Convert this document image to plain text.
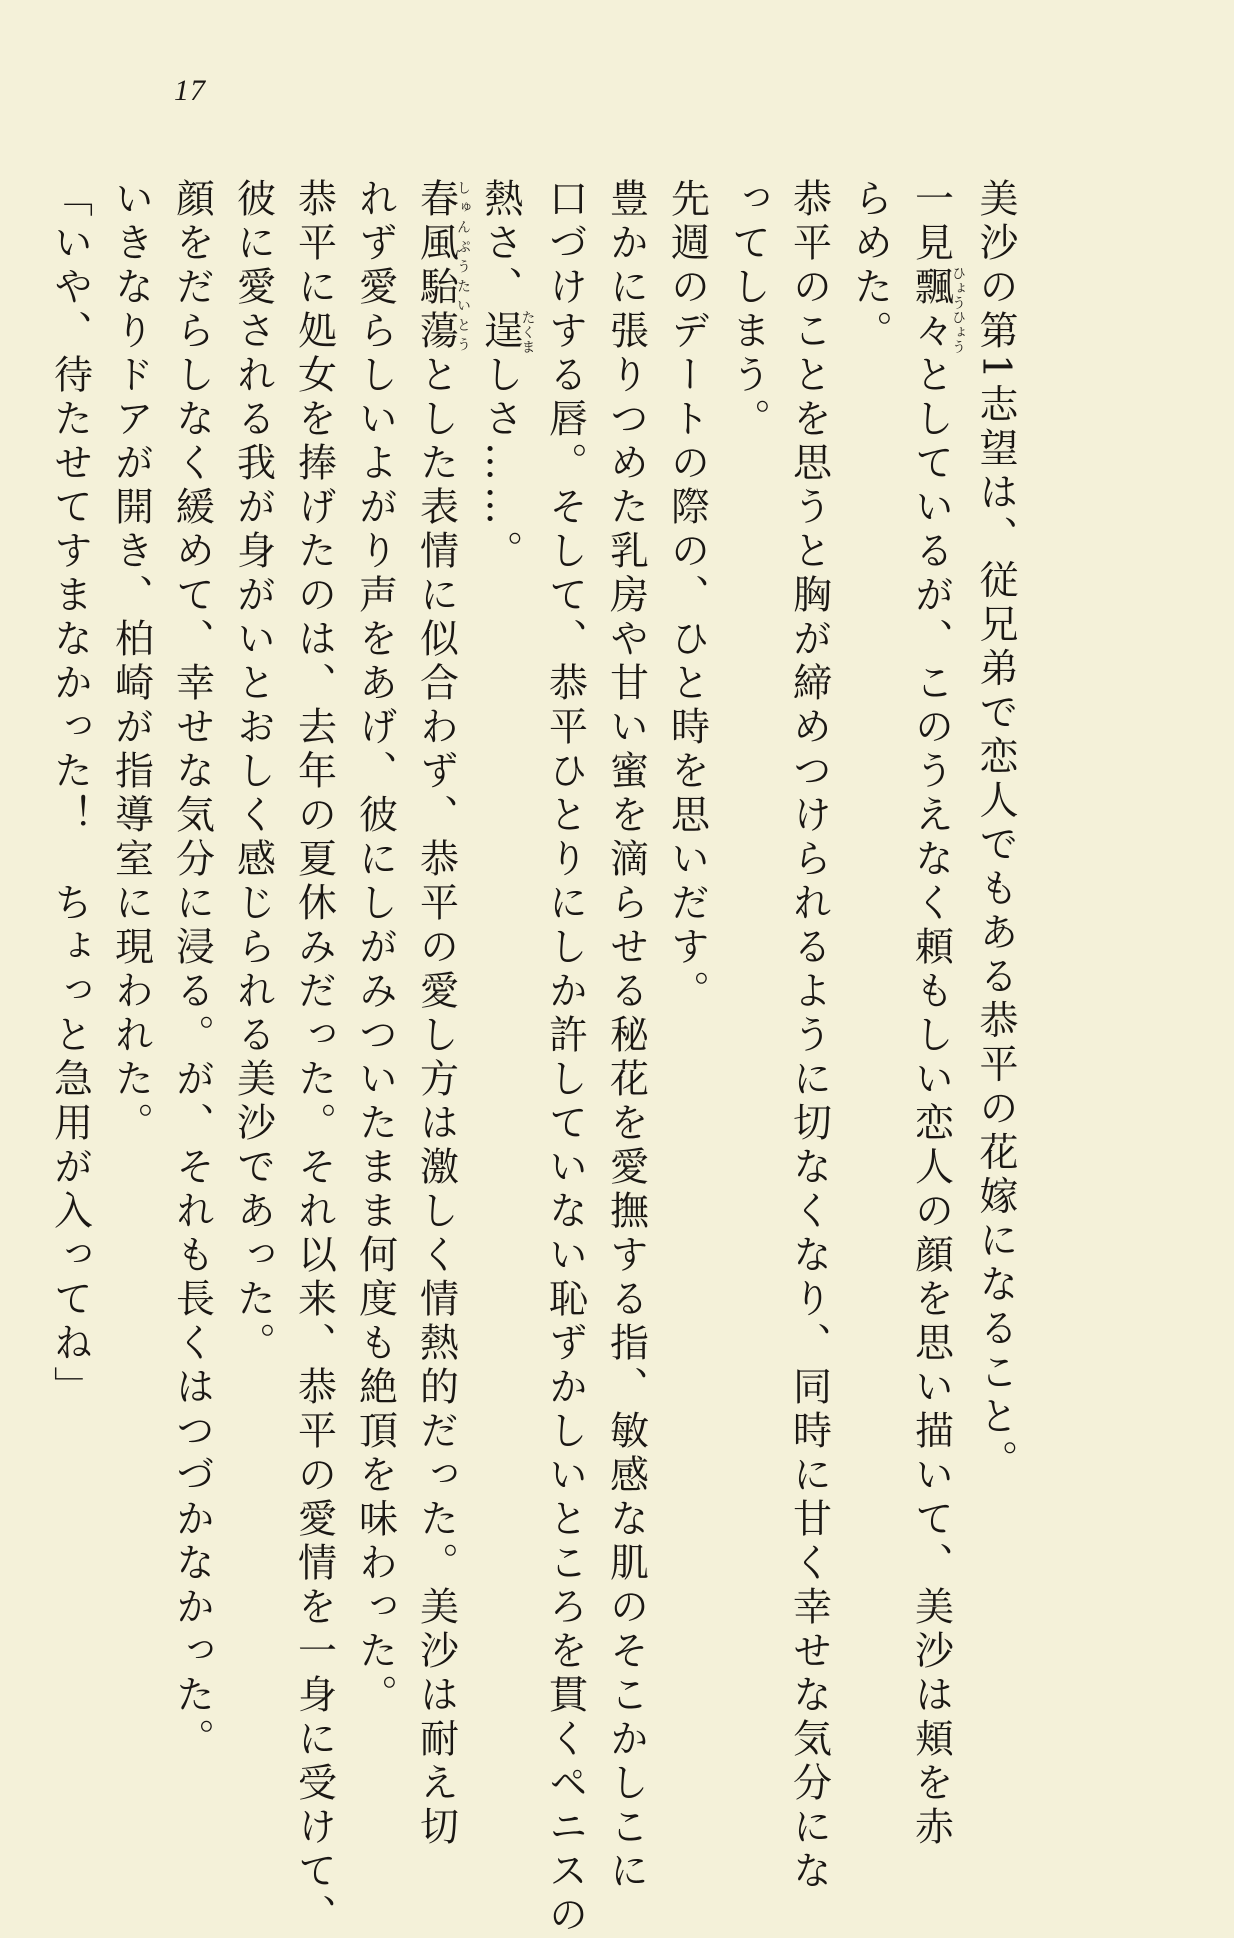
17
美沙の第1志望は、従兄弟で恋人でもある恭平の花嫁になること。
一見飄々ひょうひょうとしているが、このうえなく頼もしい恋人の顔を思い描いて、美沙は頬を赤
らめた。
恭平のことを思うと胸が締めつけられるように切なくなり、同時に甘く幸せな気分にな
ってしまう。
先週のデートの際の、ひと時を思いだす。
豊かに張りつめた乳房や甘い蜜を滴らせる秘花を愛撫する指、敏感な肌のそこかしこに
口づけする唇。そして、恭平ひとりにしか許していない恥ずかしいところを貫くペニスの
熱さ、逞たくましさ……。
春風駘蕩しゅんぷうたいとうとした表情に似合わず、恭平の愛し方は激しく情熱的だった。美沙は耐え切
れず愛らしいよがり声をあげ、彼にしがみついたまま何度も絶頂を味わった。
恭平に処女を捧げたのは、去年の夏休みだった。それ以来、恭平の愛情を一身に受けて、
彼に愛される我が身がいとおしく感じられる美沙であった。
顔をだらしなく緩めて、幸せな気分に浸る。が、それも長くはつづかなかった。
いきなりドアが開き、柏崎が指導室に現われた。
「いや、待たせてすまなかった！　ちょっと急用が入ってね」
